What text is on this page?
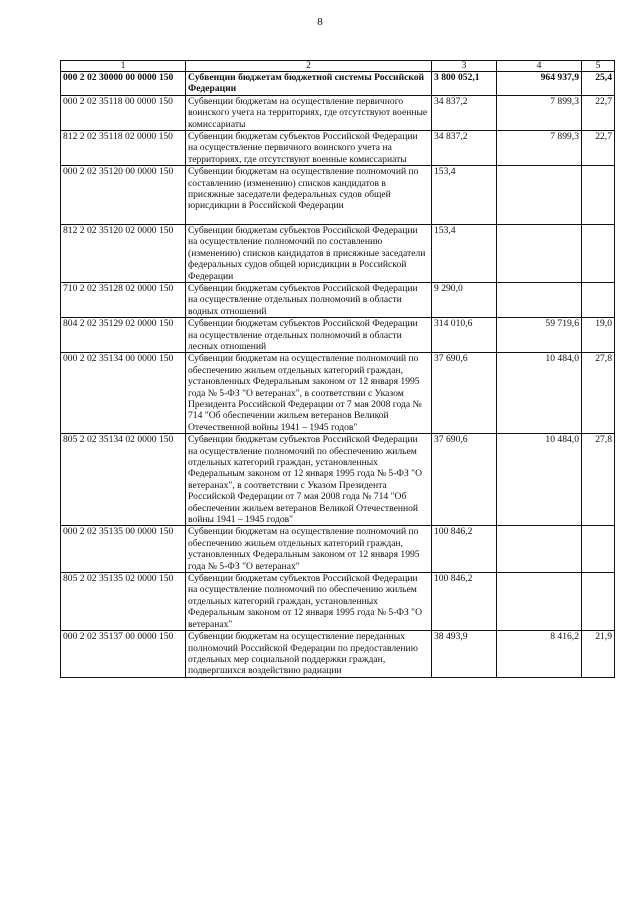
8
1	2	3	4	5
000 2 02 30000 00 0000 150	Субвенции бюджетам бюджетной системы Российской Федерации	3 800 052,1	964 937,9	25,4
000 2 02 35118 00 0000 150	Субвенции бюджетам на осуществление первичного воинского учета на территориях, где отсутствуют военные комиссариаты	34 837,2	7 899,3	22,7
812 2 02 35118 02 0000 150	Субвенции бюджетам субъектов Российской Федерации на осуществление первичного воинского учета на территориях, где отсутствуют военные комиссариаты	34 837,2	7 899,3	22,7
000 2 02 35120 00 0000 150	Субвенции бюджетам на осуществление полномочий по составлению (изменению) списков кандидатов в присяжные заседатели федеральных судов общей юрисдикции в Российской Федерации	153,4		
812 2 02 35120 02 0000 150	Субвенции бюджетам субъектов Российской Федерации на осуществление полномочий по составлению (изменению) списков кандидатов в присяжные заседатели федеральных судов общей юрисдикции в Российской Федерации	153,4		
710 2 02 35128 02 0000 150	Субвенции бюджетам субъектов Российской Федерации на осуществление отдельных полномочий в области водных отношений	9 290,0		
804 2 02 35129 02 0000 150	Субвенции бюджетам субъектов Российской Федерации на осуществление отдельных полномочий в области лесных отношений	314 010,6	59 719,6	19,0
000 2 02 35134 00 0000 150	Субвенции бюджетам на осуществление полномочий по обеспечению жильем отдельных категорий граждан, установленных Федеральным законом от 12 января 1995 года № 5-ФЗ "О ветеранах", в соответствии с Указом Президента Российской Федерации от 7 мая 2008 года № 714 "Об обеспечении жильем ветеранов Великой Отечественной войны 1941 – 1945 годов"	37 690,6	10 484,0	27,8
805 2 02 35134 02 0000 150	Субвенции бюджетам субъектов Российской Федерации на осуществление полномочий по обеспечению жильем отдельных категорий граждан, установленных Федеральным законом от 12 января 1995 года № 5-ФЗ "О ветеранах", в соответствии с Указом Президента Российской Федерации от 7 мая 2008 года № 714 "Об обеспечении жильем ветеранов Великой Отечественной войны 1941 – 1945 годов"	37 690,6	10 484,0	27,8
000 2 02 35135 00 0000 150	Субвенции бюджетам на осуществление полномочий по обеспечению жильем отдельных категорий граждан, установленных Федеральным законом от 12 января 1995 года № 5-ФЗ "О ветеранах"	100 846,2		
805 2 02 35135 02 0000 150	Субвенции бюджетам субъектов Российской Федерации на осуществление полномочий по обеспечению жильем отдельных категорий граждан, установленных Федеральным законом от 12 января 1995 года № 5-ФЗ "О ветеранах"	100 846,2		
000 2 02 35137 00 0000 150	Субвенции бюджетам на осуществление переданных полномочий Российской Федерации по предоставлению отдельных мер социальной поддержки граждан, подвергшихся воздействию радиации	38 493,9	8 416,2	21,9
